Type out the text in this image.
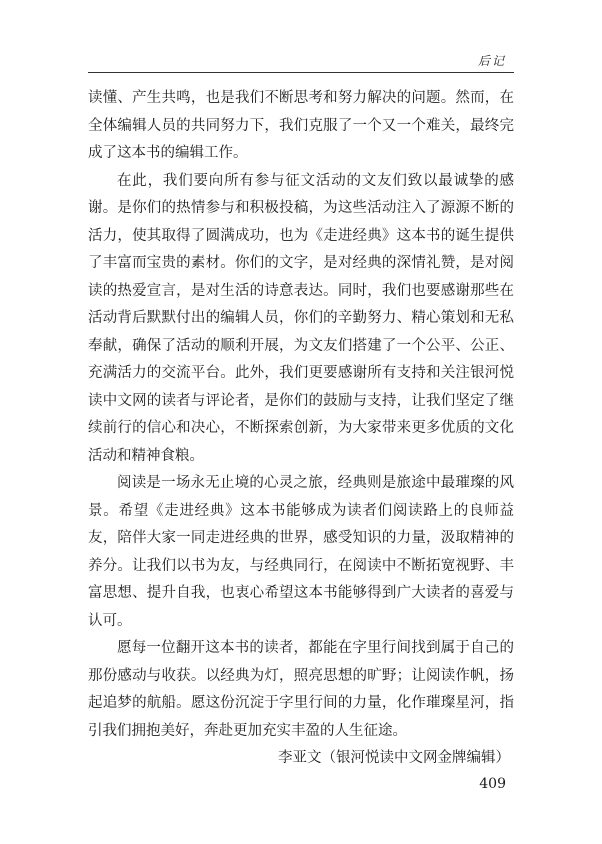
后记

读懂、产生共鸣，也是我们不断思考和努力解决的问题。然而，在全体编辑人员的共同努力下，我们克服了一个又一个难关，最终完成了这本书的编辑工作。

在此，我们要向所有参与征文活动的文友们致以最诚挚的感谢。是你们的热情参与和积极投稿，为这些活动注入了源源不断的活力，使其取得了圆满成功，也为《走进经典》这本书的诞生提供了丰富而宝贵的素材。你们的文字，是对经典的深情礼赞，是对阅读的热爱宣言，是对生活的诗意表达。同时，我们也要感谢那些在活动背后默默付出的编辑人员，你们的辛勤努力、精心策划和无私奉献，确保了活动的顺利开展，为文友们搭建了一个公平、公正、充满活力的交流平台。此外，我们更要感谢所有支持和关注银河悦读中文网的读者与评论者，是你们的鼓励与支持，让我们坚定了继续前行的信心和决心，不断探索创新，为大家带来更多优质的文化活动和精神食粮。

阅读是一场永无止境的心灵之旅，经典则是旅途中最璀璨的风景。希望《走进经典》这本书能够成为读者们阅读路上的良师益友，陪伴大家一同走进经典的世界，感受知识的力量，汲取精神的养分。让我们以书为友，与经典同行，在阅读中不断拓宽视野、丰富思想、提升自我，也衷心希望这本书能够得到广大读者的喜爱与认可。

愿每一位翻开这本书的读者，都能在字里行间找到属于自己的那份感动与收获。以经典为灯，照亮思想的旷野；让阅读作帆，扬起追梦的航船。愿这份沉淀于字里行间的力量，化作璀璨星河，指引我们拥抱美好，奔赴更加充实丰盈的人生征途。

李亚文（银河悦读中文网金牌编辑）

409
